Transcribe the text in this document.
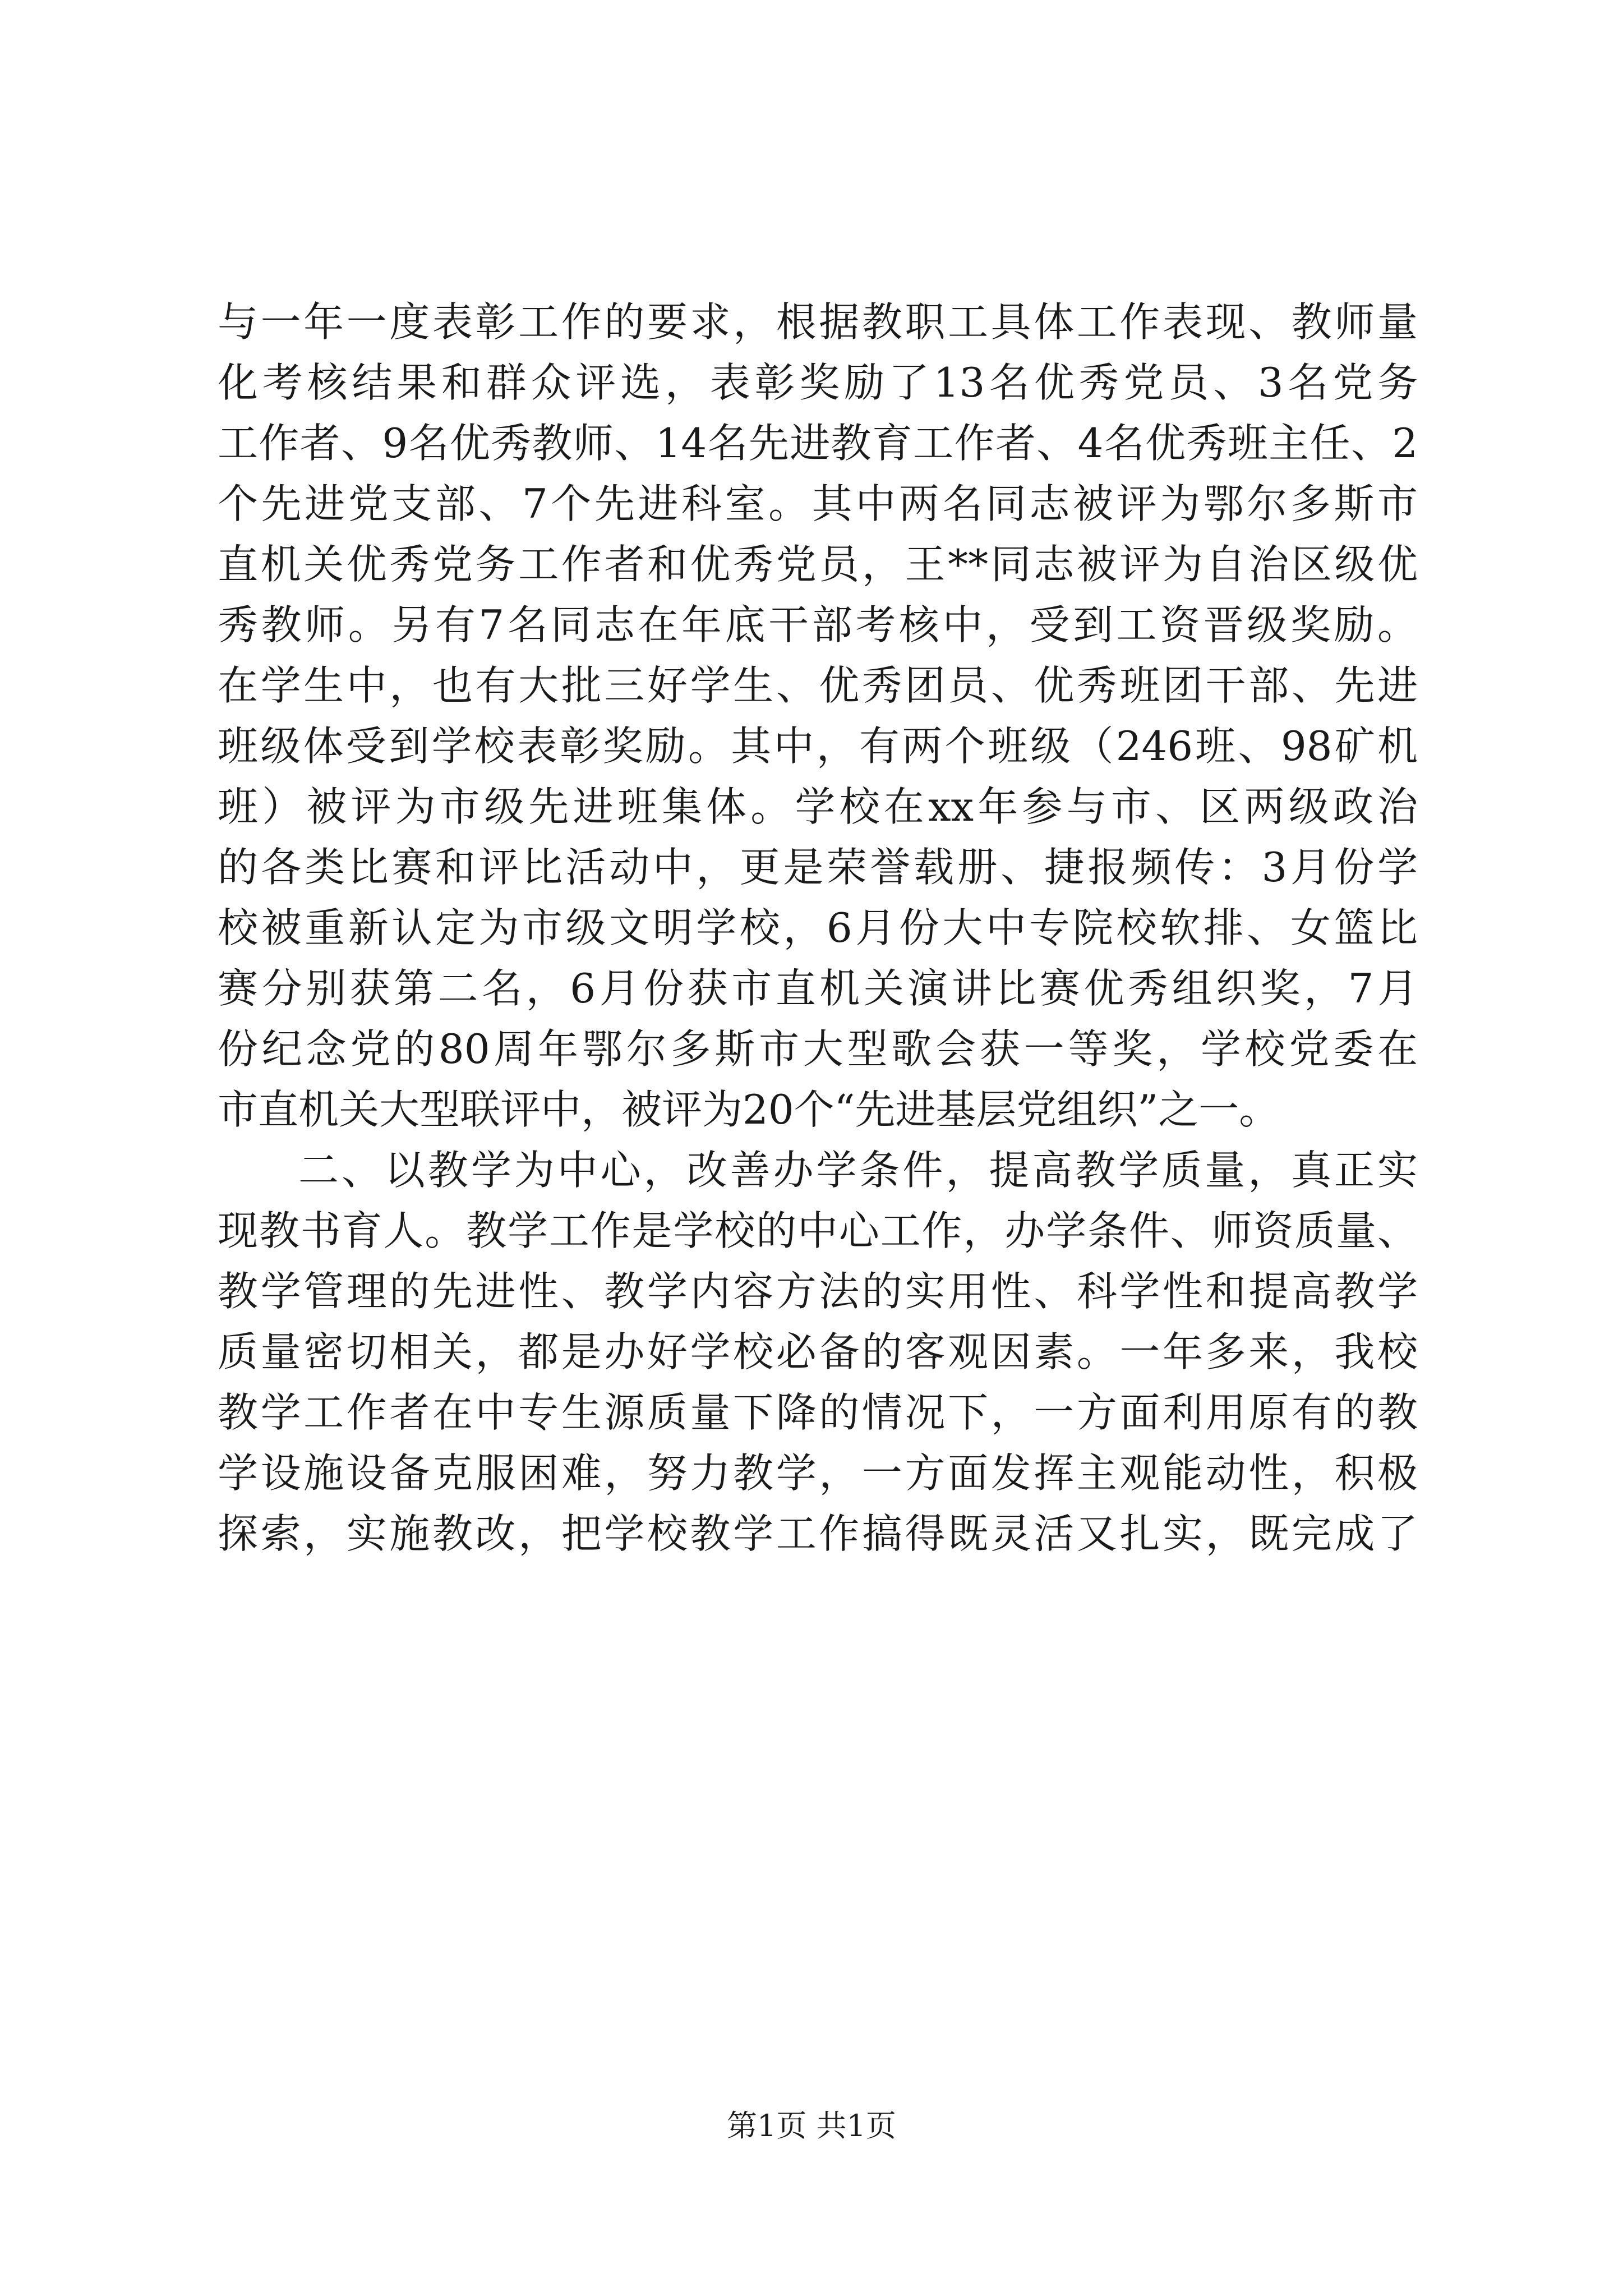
与一年一度表彰工作的要求，根据教职工具体工作表现、教师量
化考核结果和群众评选，表彰奖励了13名优秀党员、3名党务
工作者、9名优秀教师、14名先进教育工作者、4名优秀班主任、2
个先进党支部、7个先进科室。其中两名同志被评为鄂尔多斯市
直机关优秀党务工作者和优秀党员，王**同志被评为自治区级优
秀教师。另有7名同志在年底干部考核中，受到工资晋级奖励。
在学生中，也有大批三好学生、优秀团员、优秀班团干部、先进
班级体受到学校表彰奖励。其中，有两个班级（246班、98矿机
班）被评为市级先进班集体。学校在xx年参与市、区两级政治
的各类比赛和评比活动中，更是荣誉载册、捷报频传：3月份学
校被重新认定为市级文明学校，6月份大中专院校软排、女篮比
赛分别获第二名，6月份获市直机关演讲比赛优秀组织奖，7月
份纪念党的80周年鄂尔多斯市大型歌会获一等奖，学校党委在
市直机关大型联评中，被评为20个“先进基层党组织”之一。
二、以教学为中心，改善办学条件，提高教学质量，真正实
现教书育人。教学工作是学校的中心工作，办学条件、师资质量、
教学管理的先进性、教学内容方法的实用性、科学性和提高教学
质量密切相关，都是办好学校必备的客观因素。一年多来，我校
教学工作者在中专生源质量下降的情况下，一方面利用原有的教
学设施设备克服困难，努力教学，一方面发挥主观能动性，积极
探索，实施教改，把学校教学工作搞得既灵活又扎实，既完成了
第1页 共1页
